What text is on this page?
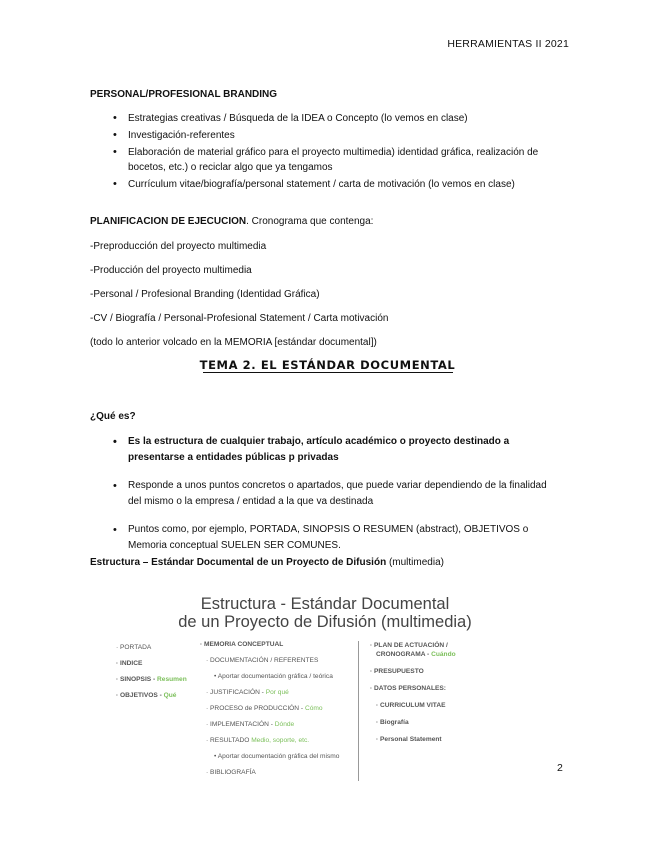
HERRAMIENTAS II 2021
PERSONAL/PROFESIONAL BRANDING
• Estrategias creativas / Búsqueda de la IDEA o Concepto (lo vemos en clase)
• Investigación-referentes
• Elaboración de material gráfico para el proyecto multimedia) identidad gráfica, realización de bocetos, etc.) o reciclar algo que ya tengamos
• Currículum vitae/biografía/personal statement / carta de motivación (lo vemos en clase)
PLANIFICACION DE EJECUCION. Cronograma que contenga:
-Preproducción del proyecto multimedia
-Producción del proyecto multimedia
-Personal / Profesional Branding (Identidad Gráfica)
-CV / Biografía / Personal-Profesional Statement / Carta motivación
(todo lo anterior volcado en la MEMORIA [estándar documental])
TEMA 2. EL ESTÁNDAR DOCUMENTAL
¿Qué es?
• Es la estructura de cualquier trabajo, artículo académico o proyecto destinado a presentarse a entidades públicas p privadas
• Responde a unos puntos concretos o apartados, que puede variar dependiendo de la finalidad del mismo o la empresa / entidad a la que va destinada
• Puntos como, por ejemplo, PORTADA, SINOPSIS O RESUMEN (abstract), OBJETIVOS o Memoria conceptual SUELEN SER COMUNES.
Estructura – Estándar Documental de un Proyecto de Difusión (multimedia)
Estructura - Estándar Documental
de un Proyecto de Difusión (multimedia)
· PORTADA
· INDICE
· SINOPSIS - Resumen
· OBJETIVOS - Qué
· MEMORIA CONCEPTUAL
· DOCUMENTACIÓN / REFERENTES
• Aportar documentación gráfica / teórica
· JUSTIFICACIÓN - Por qué
· PROCESO de PRODUCCIÓN - Cómo
· IMPLEMENTACIÓN - Dónde
· RESULTADO Medio, soporte, etc.
• Aportar documentación gráfica del mismo
· BIBLIOGRAFÍA
· PLAN DE ACTUACIÓN /
CRONOGRAMA - Cuándo
· PRESUPUESTO
· DATOS PERSONALES:
· CURRICULUM VITAE
· Biografía
· Personal Statement
2
